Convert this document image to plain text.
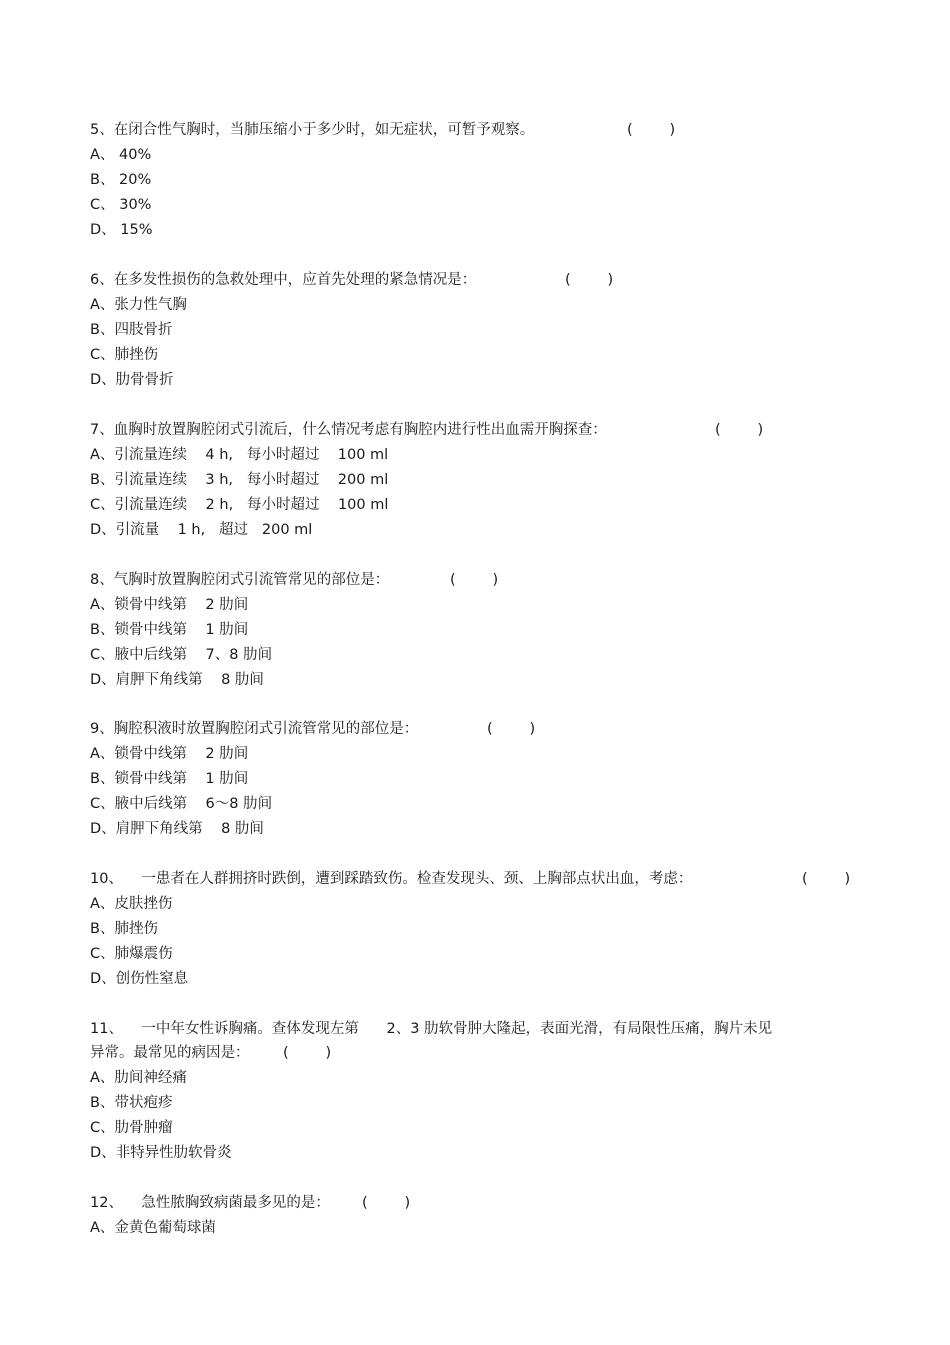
5、在闭合性气胸时，当肺压缩小于多少时，如无症状，可暂予观察。	(        )
A、 40%
B、 20%
C、 30%
D、 15%
6、在多发性损伤的急救处理中，应首先处理的紧急情况是：	(        )
A、张力性气胸
B、四肢骨折
C、肺挫伤
D、肋骨骨折
7、血胸时放置胸腔闭式引流后，什么情况考虑有胸腔内进行性出血需开胸探查：	(        )
A、引流量连续    4 h,   每小时超过    100 ml
B、引流量连续    3 h,   每小时超过    200 ml
C、引流量连续    2 h,   每小时超过    100 ml
D、引流量    1 h,   超过   200 ml
8、气胸时放置胸腔闭式引流管常见的部位是：	(        )
A、锁骨中线第    2 肋间
B、锁骨中线第    1 肋间
C、腋中后线第    7、8 肋间
D、肩胛下角线第    8 肋间
9、胸腔积液时放置胸腔闭式引流管常见的部位是：	(        )
A、锁骨中线第    2 肋间
B、锁骨中线第    1 肋间
C、腋中后线第    6～8 肋间
D、肩胛下角线第    8 肋间
10、    一患者在人群拥挤时跌倒，遭到踩踏致伤。检查发现头、颈、上胸部点状出血，考虑：	(        )
A、皮肤挫伤
B、肺挫伤
C、肺爆震伤
D、创伤性窒息
11、    一中年女性诉胸痛。查体发现左第      2、3 肋软骨肿大隆起，表面光滑，有局限性压痛，胸片未见
异常。最常见的病因是： (        )
A、肋间神经痛
B、带状疱疹
C、肋骨肿瘤
D、非特异性肋软骨炎
12、    急性脓胸致病菌最多见的是： (        )
A、金黄色葡萄球菌
